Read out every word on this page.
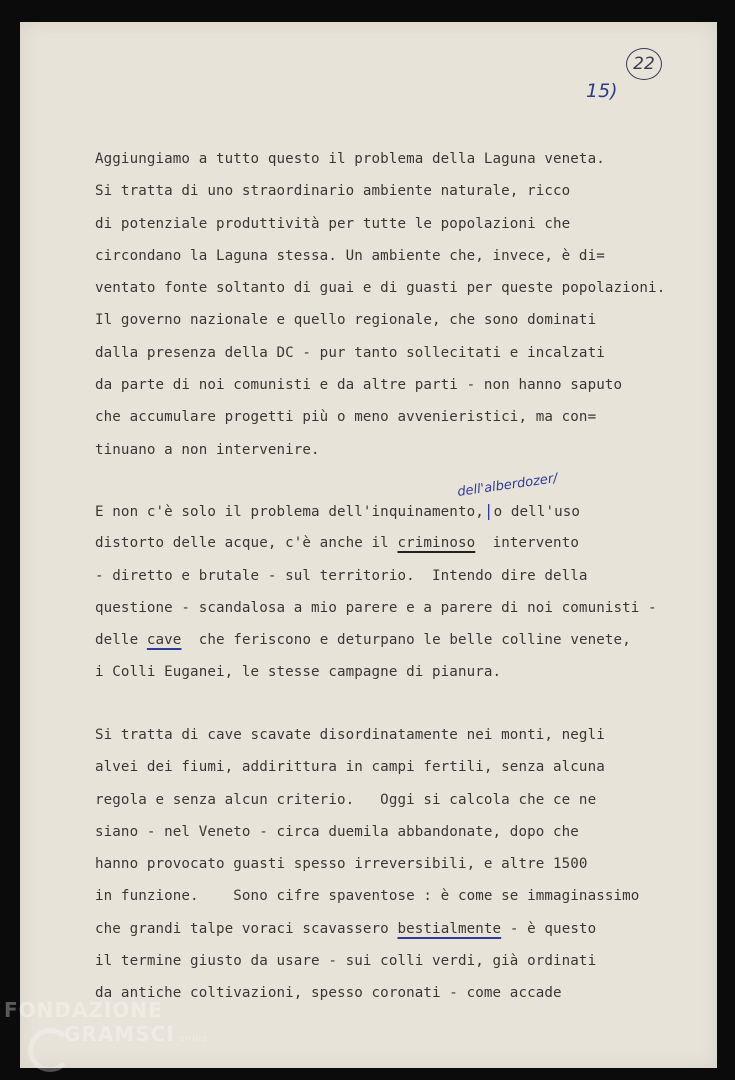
22
15)
Aggiungiamo a tutto questo il problema della Laguna veneta.
Si tratta di uno straordinario ambiente naturale, ricco
di potenziale produttività per tutte le popolazioni che
circondano la Laguna stessa. Un ambiente che, invece, è di=
ventato fonte soltanto di guai e di guasti per queste popolazioni.
Il governo nazionale e quello regionale, che sono dominati
dalla presenza della DC - pur tanto sollecitati e incalzati
da parte di noi comunisti e da altre parti - non hanno saputo
che accumulare progetti più o meno avvenieristici, ma con=
tinuano a non intervenire.
dell'alberdozer/
E non c'è solo il problema dell'inquinamento,|o dell'uso
distorto delle acque, c'è anche il criminoso intervento
- diretto e brutale - sul territorio.  Intendo dire della
questione - scandalosa a mio parere e a parere di noi comunisti -
delle cave che feriscono e deturpano le belle colline venete,
i Colli Euganei, le stesse campagne di pianura.
Si tratta di cave scavate disordinatamente nei monti, negli
alvei dei fiumi, addirittura in campi fertili, senza alcuna
regola e senza alcun criterio.   Oggi si calcola che ce ne
siano - nel Veneto - circa duemila abbandonate, dopo che
hanno provocato guasti spesso irreversibili, e altre 1500
in funzione.    Sono cifre spaventose : è come se immaginassimo
che grandi talpe voraci scavassero bestialmente - è questo
il termine giusto da usare - sui colli verdi, già ordinati
da antiche coltivazioni, spesso coronati - come accade
FONDAZIONE
GRAMSCI onlus
